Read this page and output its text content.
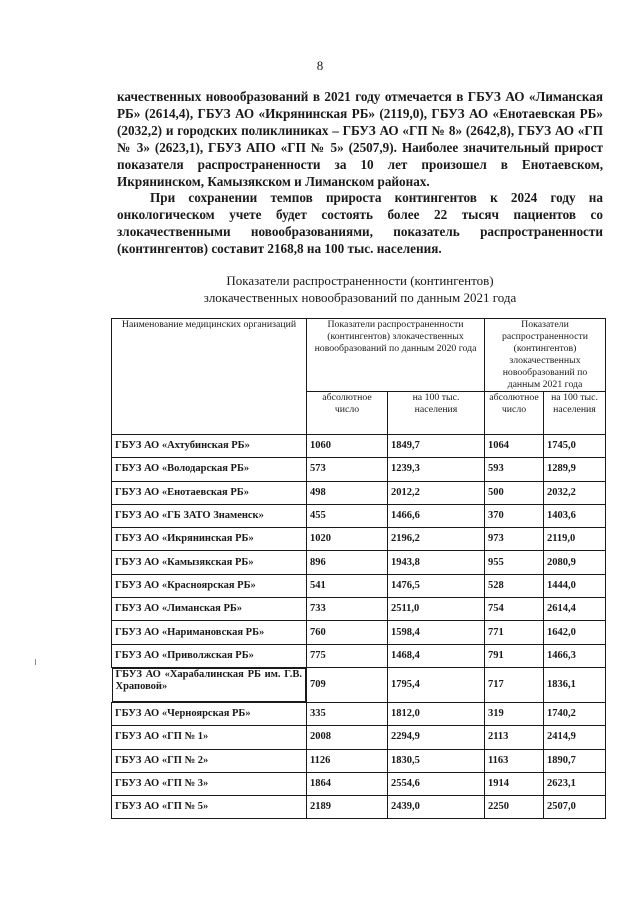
8

качественных новообразований в 2021 году отмечается в ГБУЗ АО «Лиманская РБ» (2614,4), ГБУЗ АО «Икрянинская РБ» (2119,0), ГБУЗ АО «Енотаевская РБ» (2032,2) и городских поликлиниках – ГБУЗ АО «ГП № 8» (2642,8), ГБУЗ АО «ГП № 3» (2623,1), ГБУЗ АПО «ГП № 5» (2507,9). Наиболее значительный прирост показателя распространенности за 10 лет произошел в Енотаевском, Икрянинском, Камызякском и Лиманском районах.

При сохранении темпов прироста контингентов к 2024 году на онкологическом учете будет состоять более 22 тысяч пациентов со злокачественными новообразованиями, показатель распространенности (контингентов) составит 2168,8 на 100 тыс. населения.

Показатели распространенности (контингентов)
злокачественных новообразований по данным 2021 года
Наименование медицинских организаций	Показатели распространенности (контингентов) злокачественных новообразований по данным 2020 года		Показатели распространенности (контингентов) злокачественных новообразований по данным 2021 года	
	абсолютное число	на 100 тыс. населения	абсолютное число	на 100 тыс. населения
ГБУЗ АО «Ахтубинская РБ»	1060	1849,7	1064	1745,0
ГБУЗ АО «Володарская РБ»	573	1239,3	593	1289,9
ГБУЗ АО «Енотаевская РБ»	498	2012,2	500	2032,2
ГБУЗ АО «ГБ ЗАТО Знаменск»	455	1466,6	370	1403,6
ГБУЗ АО «Икрянинская РБ»	1020	2196,2	973	2119,0
ГБУЗ АО «Камызякская РБ»	896	1943,8	955	2080,9
ГБУЗ АО «Красноярская РБ»	541	1476,5	528	1444,0
ГБУЗ АО «Лиманская РБ»	733	2511,0	754	2614,4
ГБУЗ АО «Наримановская РБ»	760	1598,4	771	1642,0
ГБУЗ АО «Приволжская РБ»	775	1468,4	791	1466,3

ГБУЗ АО «Харабалинская РБ им. Г.В. Храповой»	709	1795,4	717	1836,1
ГБУЗ АО «Черноярская РБ»	335	1812,0	319	1740,2
ГБУЗ АО «ГП № 1»	2008	2294,9	2113	2414,9
ГБУЗ АО «ГП № 2»	1126	1830,5	1163	1890,7
ГБУЗ АО «ГП № 3»	1864	2554,6	1914	2623,1
ГБУЗ АО «ГП № 5»	2189	2439,0	2250	2507,0
